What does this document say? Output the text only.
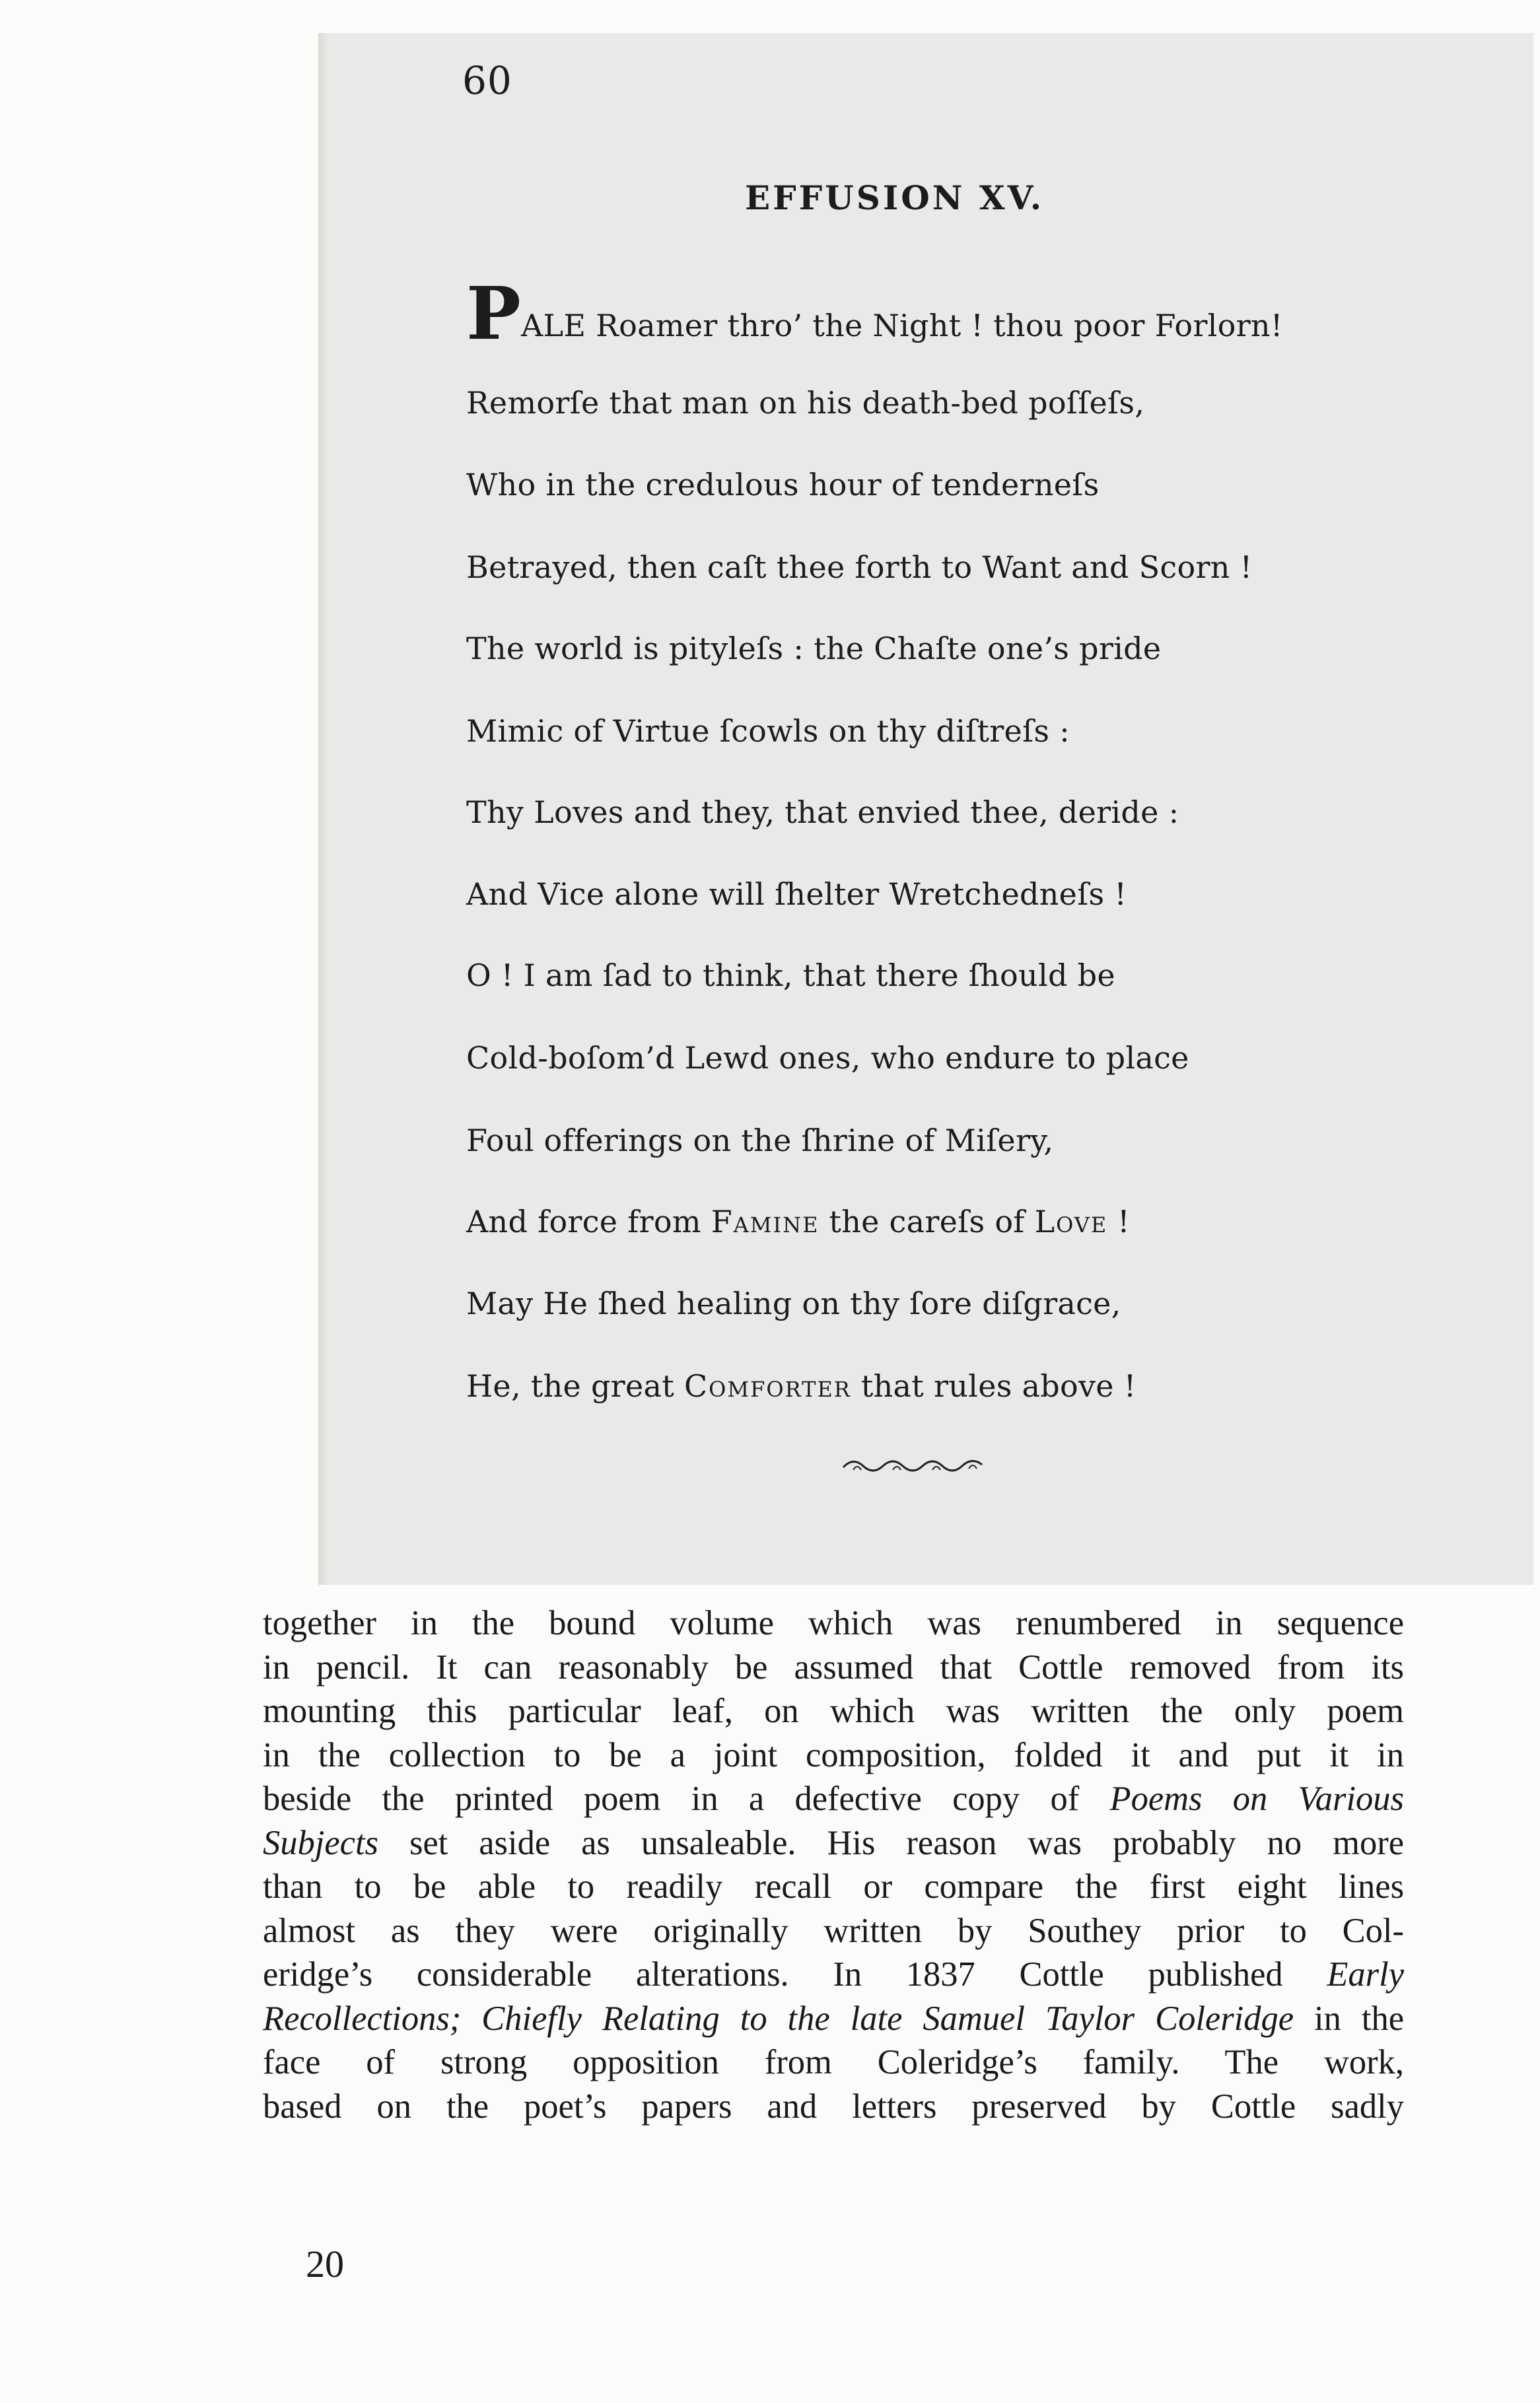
60
EFFUSION XV.
PALE Roamer thro’ the Night ! thou poor Forlorn!
Remorſe that man on his death-bed poſſeſs,
Who in the credulous hour of tenderneſs
Betrayed, then caſt thee forth to Want and Scorn !
The world is pityleſs : the Chaſte one’s pride
Mimic of Virtue ſcowls on thy diſtreſs :
Thy Loves and they, that envied thee, deride :
And Vice alone will ſhelter Wretchedneſs !
O ! I am ſad to think, that there ſhould be
Cold-boſom’d Lewd ones, who endure to place
Foul offerings on the ſhrine of Miſery,
And force from Famine the careſs of Love !
May He ſhed healing on thy ſore diſgrace,
He, the great Comforter that rules above !
together in the bound volume which was renumbered in sequence
in pencil. It can reasonably be assumed that Cottle removed from its
mounting this particular leaf, on which was written the only poem
in the collection to be a joint composition, folded it and put it in
beside the printed poem in a defective copy of Poems on Various
Subjects set aside as unsaleable. His reason was probably no more
than to be able to readily recall or compare the first eight lines
almost as they were originally written by Southey prior to Col-
eridge’s considerable alterations. In 1837 Cottle published Early
Recollections; Chiefly Relating to the late Samuel Taylor Coleridge in the
face of strong opposition from Coleridge’s family. The work,
based on the poet’s papers and letters preserved by Cottle sadly
20
